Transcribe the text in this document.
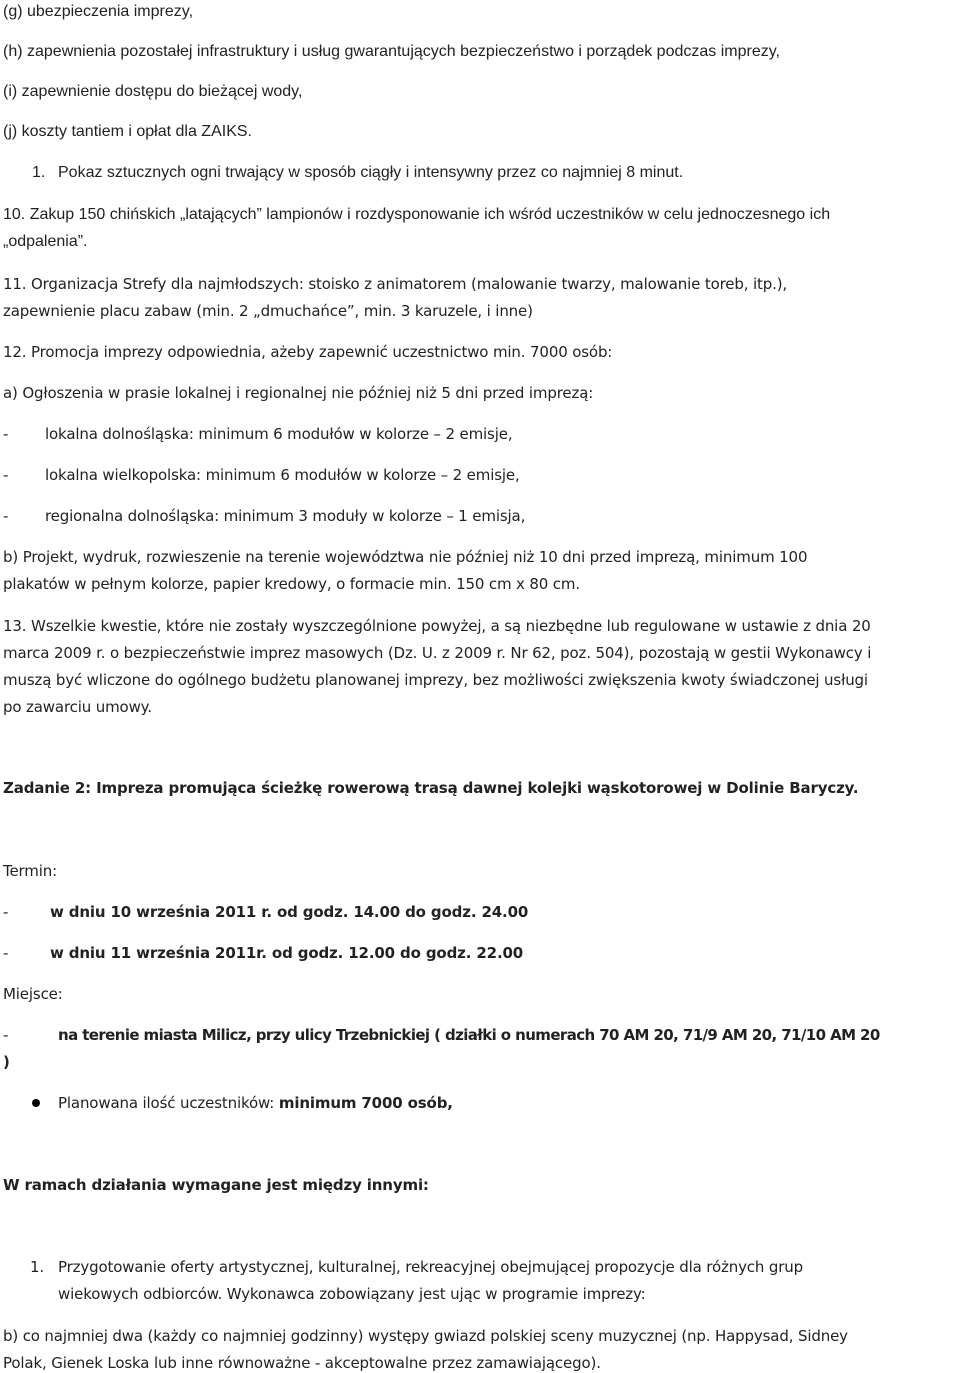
(g) ubezpieczenia imprezy,
(h) zapewnienia pozostałej infrastruktury i usług gwarantujących bezpieczeństwo i porządek podczas imprezy,
(i) zapewnienie dostępu do bieżącej wody,
(j) koszty tantiem i opłat dla ZAIKS.
1. Pokaz sztucznych ogni trwający w sposób ciągły i intensywny przez co najmniej 8 minut.
10. Zakup 150 chińskich „latających” lampionów i rozdysponowanie ich wśród uczestników w celu jednoczesnego ich
„odpalenia”.
11. Organizacja Strefy dla najmłodszych: stoisko z animatorem (malowanie twarzy, malowanie toreb, itp.),
zapewnienie placu zabaw (min. 2 „dmuchańce”, min. 3 karuzele, i inne)
12. Promocja imprezy odpowiednia, ażeby zapewnić uczestnictwo min. 7000 osób:
a) Ogłoszenia w prasie lokalnej i regionalnej nie później niż 5 dni przed imprezą:
- lokalna dolnośląska: minimum 6 modułów w kolorze – 2 emisje,
- lokalna wielkopolska: minimum 6 modułów w kolorze – 2 emisje,
- regionalna dolnośląska: minimum 3 moduły w kolorze – 1 emisja,
b) Projekt, wydruk, rozwieszenie na terenie województwa nie później niż 10 dni przed imprezą, minimum 100
plakatów w pełnym kolorze, papier kredowy, o formacie min. 150 cm x 80 cm.
13. Wszelkie kwestie, które nie zostały wyszczególnione powyżej, a są niezbędne lub regulowane w ustawie z dnia 20
marca 2009 r. o bezpieczeństwie imprez masowych (Dz. U. z 2009 r. Nr 62, poz. 504), pozostają w gestii Wykonawcy i
muszą być wliczone do ogólnego budżetu planowanej imprezy, bez możliwości zwiększenia kwoty świadczonej usługi
po zawarciu umowy.
Zadanie 2: Impreza promująca ścieżkę rowerową trasą dawnej kolejki wąskotorowej w Dolinie Baryczy.
Termin:
-	w dniu 10 września 2011 r. od godz. 14.00 do godz. 24.00
-	w dniu 11 września 2011r. od godz. 12.00 do godz. 22.00
Miejsce:
-	na terenie miasta Milicz, przy ulicy Trzebnickiej ( działki o numerach 70 AM 20, 71/9 AM 20, 71/10 AM 20
)
Planowana ilość uczestników: minimum 7000 osób,
W ramach działania wymagane jest między innymi:
1. Przygotowanie oferty artystycznej, kulturalnej, rekreacyjnej obejmującej propozycje dla różnych grup
wiekowych odbiorców. Wykonawca zobowiązany jest ując w programie imprezy:
b) co najmniej dwa (każdy co najmniej godzinny) występy gwiazd polskiej sceny muzycznej (np. Happysad, Sidney
Polak, Gienek Loska lub inne równoważne - akceptowalne przez zamawiającego).
